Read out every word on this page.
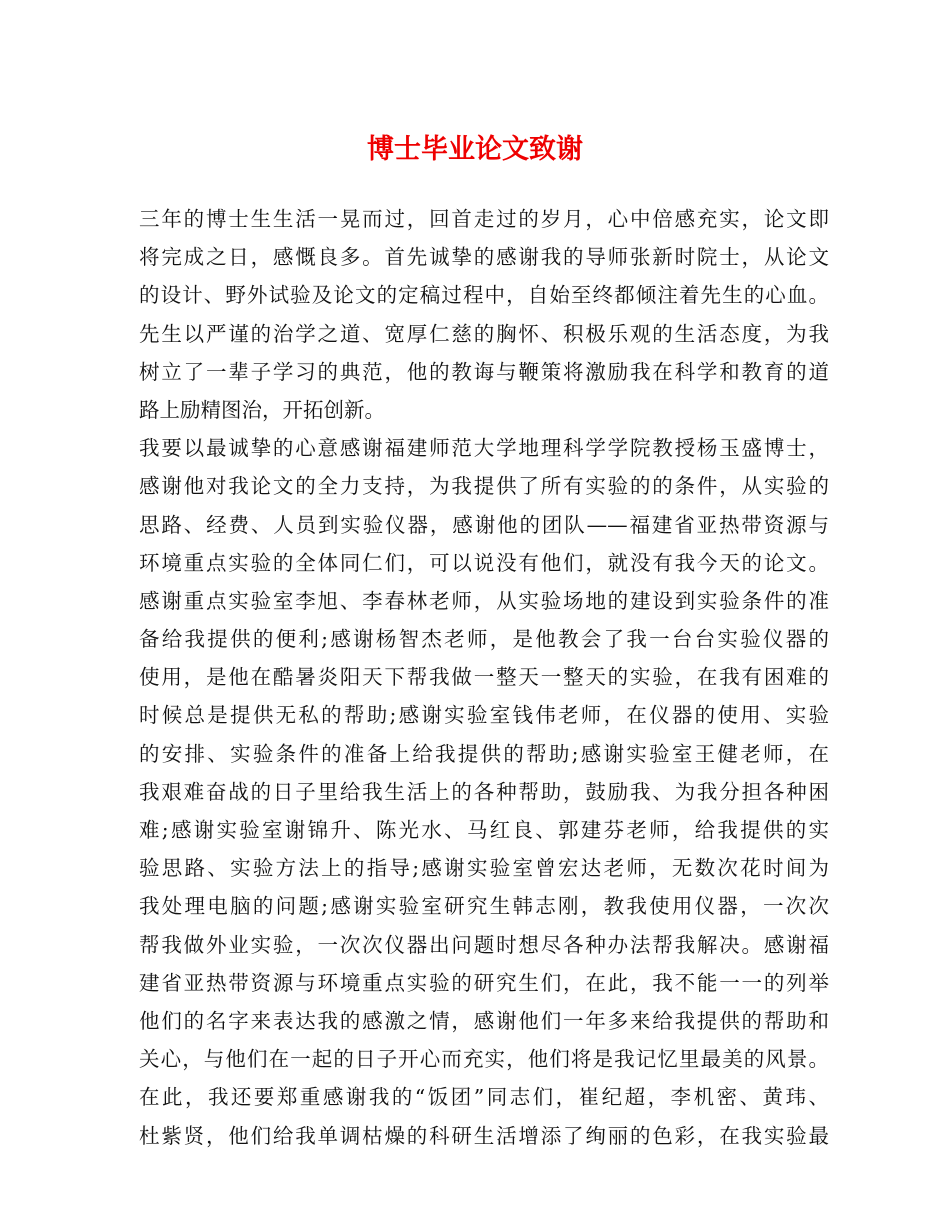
博士毕业论文致谢
三年的博士生生活一晃而过，回首走过的岁月，心中倍感充实，论文即
将完成之日，感慨良多。首先诚挚的感谢我的导师张新时院士，从论文
的设计、野外试验及论文的定稿过程中，自始至终都倾注着先生的心血。
先生以严谨的治学之道、宽厚仁慈的胸怀、积极乐观的生活态度，为我
树立了一辈子学习的典范，他的教诲与鞭策将激励我在科学和教育的道
路上励精图治，开拓创新。
我要以最诚挚的心意感谢福建师范大学地理科学学院教授杨玉盛博士，
感谢他对我论文的全力支持，为我提供了所有实验的的条件，从实验的
思路、经费、人员到实验仪器，感谢他的团队——福建省亚热带资源与
环境重点实验的全体同仁们，可以说没有他们，就没有我今天的论文。
感谢重点实验室李旭、李春林老师，从实验场地的建设到实验条件的准
备给我提供的便利;感谢杨智杰老师，是他教会了我一台台实验仪器的
使用，是他在酷暑炎阳天下帮我做一整天一整天的实验，在我有困难的
时候总是提供无私的帮助;感谢实验室钱伟老师，在仪器的使用、实验
的安排、实验条件的准备上给我提供的帮助;感谢实验室王健老师，在
我艰难奋战的日子里给我生活上的各种帮助，鼓励我、为我分担各种困
难;感谢实验室谢锦升、陈光水、马红良、郭建芬老师，给我提供的实
验思路、实验方法上的指导;感谢实验室曾宏达老师，无数次花时间为
我处理电脑的问题;感谢实验室研究生韩志刚，教我使用仪器，一次次
帮我做外业实验，一次次仪器出问题时想尽各种办法帮我解决。感谢福
建省亚热带资源与环境重点实验的研究生们，在此，我不能一一的列举
他们的名字来表达我的感激之情，感谢他们一年多来给我提供的帮助和
关心，与他们在一起的日子开心而充实，他们将是我记忆里最美的风景。
在此，我还要郑重感谢我的“饭团”同志们，崔纪超，李机密、黄玮、
杜紫贤，他们给我单调枯燥的科研生活增添了绚丽的色彩，在我实验最
